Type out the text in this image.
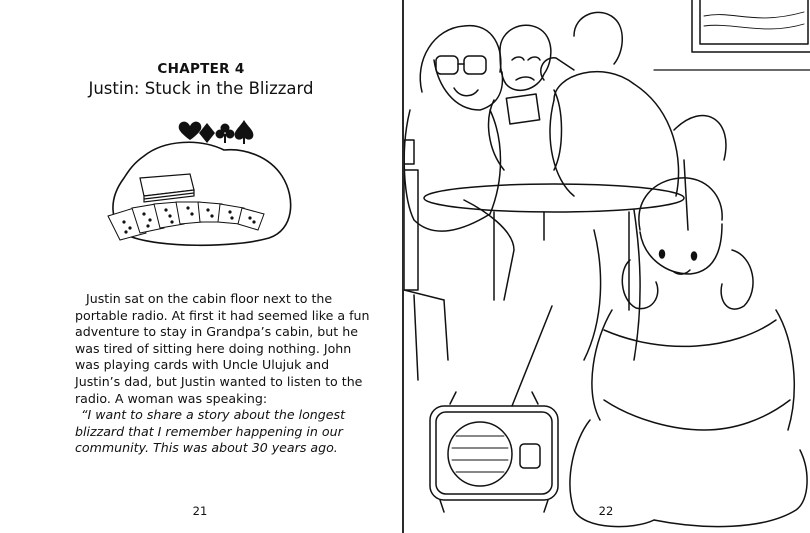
CHAPTER 4
Justin: Stuck in the Blizzard

Justin sat on the cabin floor next to the portable radio. At first it had seemed like a fun adventure to stay in Grandpa’s cabin, but he was tired of sitting here doing nothing. John was playing cards with Uncle Ulujuk and Justin’s dad, but Justin wanted to listen to the radio. A woman was speaking:

“I want to share a story about the longest blizzard that I remember happening in our community. This was about 30 years ago.

21	22
